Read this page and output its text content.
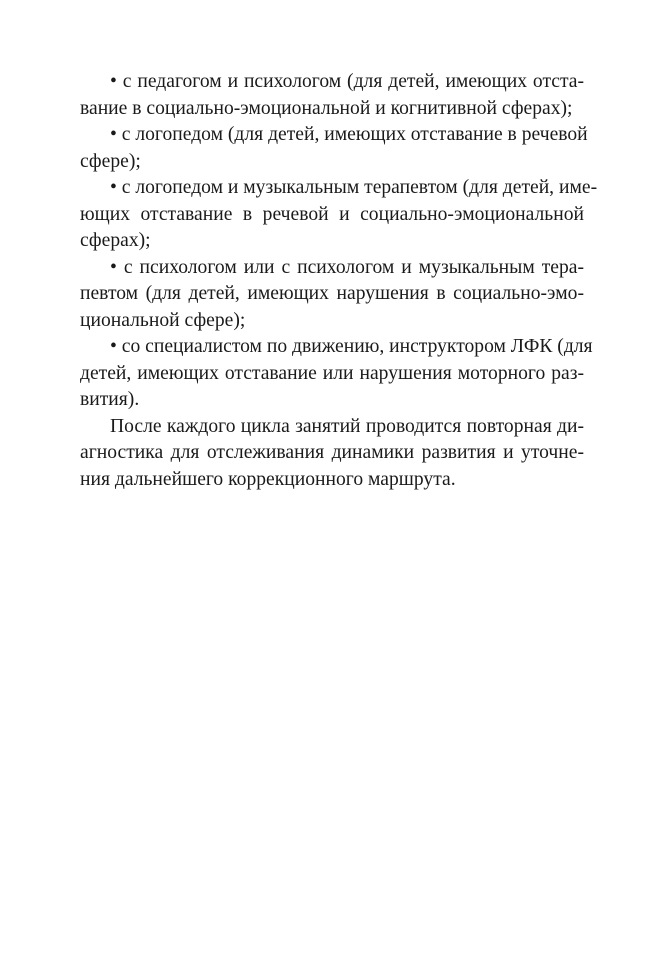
• с педагогом и психологом (для детей, имеющих отста-
вание в социально-эмоциональной и когнитивной сферах);
• с логопедом (для детей, имеющих отставание в речевой
сфере);
• с логопедом и музыкальным терапевтом (для детей, име-
ющих отставание в речевой и социально-эмоциональной
сферах);
• с психологом или с психологом и музыкальным тера-
певтом (для детей, имеющих нарушения в социально-эмо-
циональной сфере);
• со специалистом по движению, инструктором ЛФК (для
детей, имеющих отставание или нарушения моторного раз-
вития).
После каждого цикла занятий проводится повторная ди-
агностика для отслеживания динамики развития и уточне-
ния дальнейшего коррекционного маршрута.
